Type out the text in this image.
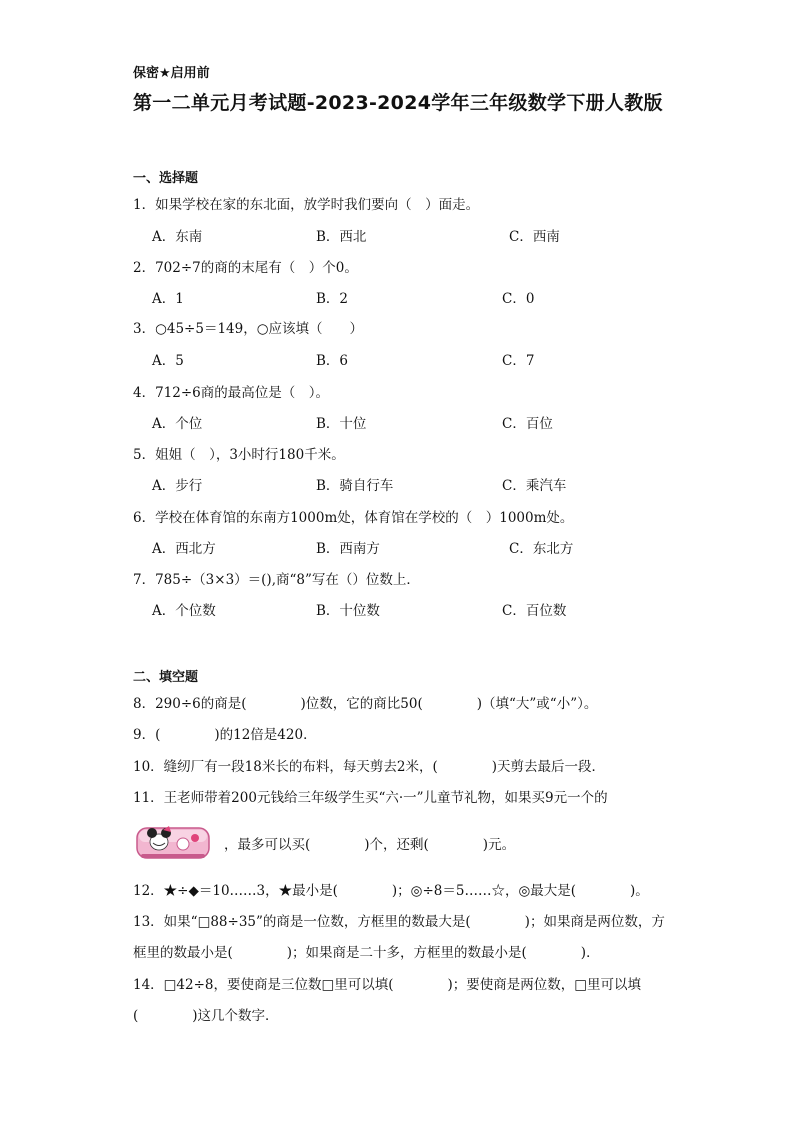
保密★启用前
第一二单元月考试题-2023-2024学年三年级数学下册人教版
一、选择题
1．如果学校在家的东北面，放学时我们要向（　）面走。
A．东南	B．西北	C．西南
2．702÷7的商的末尾有（　）个0。
A．1	B．2	C．0
3．○45÷5＝149，○应该填（　　）
A．5	B．6	C．7
4．712÷6商的最高位是（　）。
A．个位	B．十位	C．百位
5．姐姐（　），3小时行180千米。
A．步行	B．骑自行车	C．乘汽车
6．学校在体育馆的东南方1000m处，体育馆在学校的（　）1000m处。
A．西北方	B．西南方	C．东北方
7．785÷（3×3）＝(),商“8”写在（）位数上．
A．个位数	B．十位数	C．百位数
二、填空题
8．290÷6的商是(　　　　)位数，它的商比50(　　　　)（填“大”或“小”）。
9．(　　　　)的12倍是420．
10．缝纫厂有一段18米长的布料，每天剪去2米，(　　　　)天剪去最后一段．
11．王老师带着200元钱给三年级学生买“六·一”儿童节礼物，如果买9元一个的
，最多可以买(　　　　)个，还剩(　　　　)元。
12．★÷◆＝10……3，★最小是(　　　　)；◎÷8＝5……☆，◎最大是(　　　　)。
13．如果“□88÷35”的商是一位数，方框里的数最大是(　　　　)；如果商是两位数，方
框里的数最小是(　　　　)；如果商是二十多，方框里的数最小是(　　　　)．
14．□42÷8，要使商是三位数□里可以填(　　　　)；要使商是两位数，□里可以填
(　　　　)这几个数字．
